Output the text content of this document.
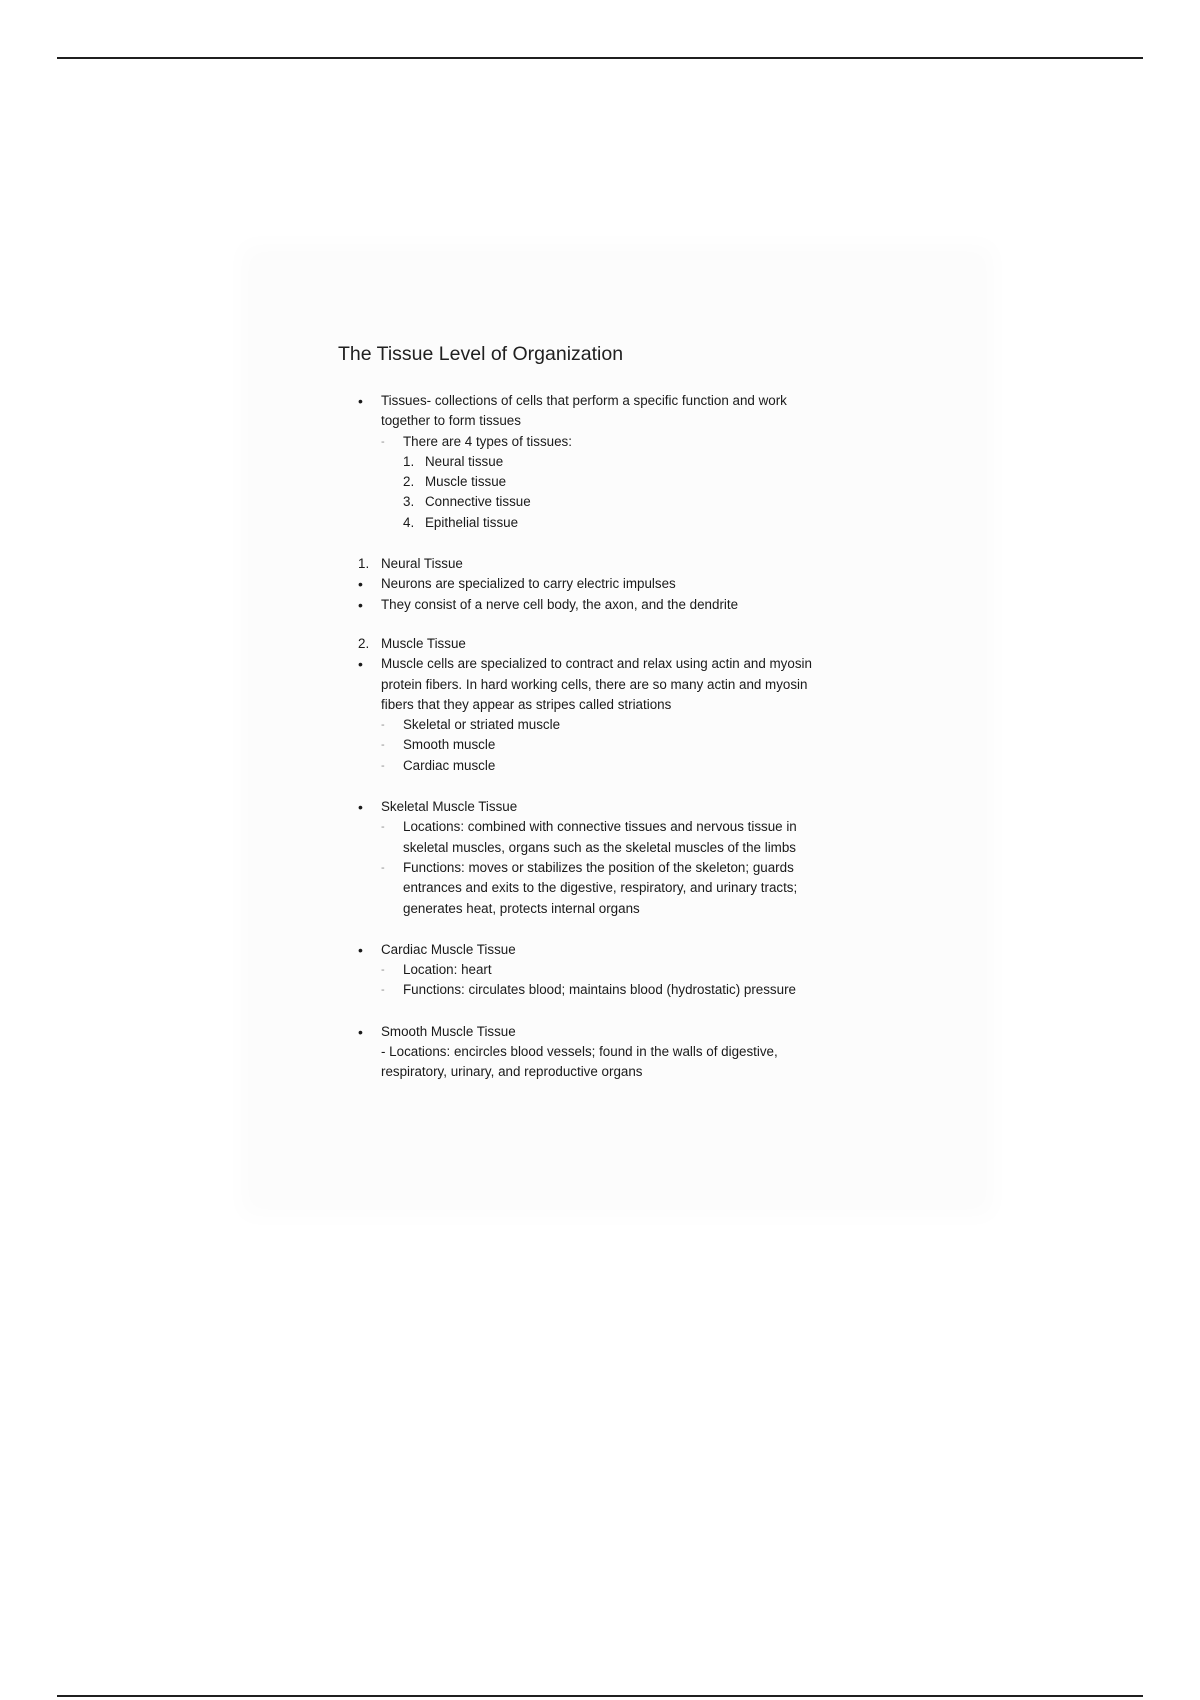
The Tissue Level of Organization
• Tissues- collections of cells that perform a specific function and work

together to form tissues

- There are 4 types of tissues:

1. Neural tissue

2. Muscle tissue

3. Connective tissue

4. Epithelial tissue

1. Neural Tissue

• Neurons are specialized to carry electric impulses

• They consist of a nerve cell body, the axon, and the dendrite

2. Muscle Tissue

• Muscle cells are specialized to contract and relax using actin and myosin

protein fibers. In hard working cells, there are so many actin and myosin

fibers that they appear as stripes called striations

- Skeletal or striated muscle

- Smooth muscle

- Cardiac muscle

• Skeletal Muscle Tissue

- Locations: combined with connective tissues and nervous tissue in

skeletal muscles, organs such as the skeletal muscles of the limbs

- Functions: moves or stabilizes the position of the skeleton; guards

entrances and exits to the digestive, respiratory, and urinary tracts;

generates heat, protects internal organs

• Cardiac Muscle Tissue

- Location: heart

- Functions: circulates blood; maintains blood (hydrostatic) pressure

• Smooth Muscle Tissue

- Locations: encircles blood vessels; found in the walls of digestive,

respiratory, urinary, and reproductive organs
